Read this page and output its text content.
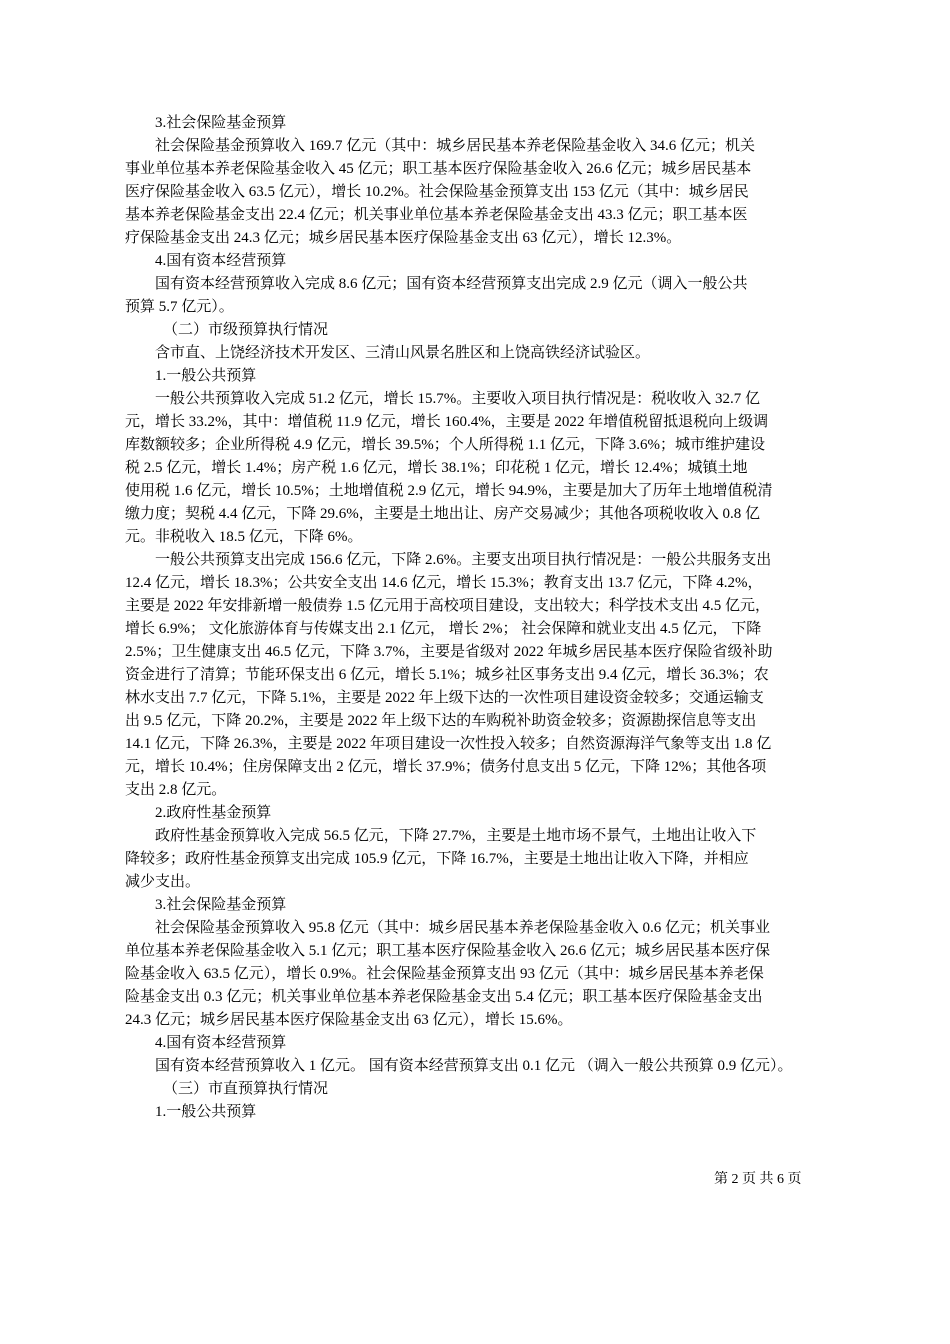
3.社会保险基金预算
社会保险基金预算收入 169.7 亿元（其中：城乡居民基本养老保险基金收入 34.6 亿元；机关
事业单位基本养老保险基金收入 45 亿元；职工基本医疗保险基金收入 26.6 亿元；城乡居民基本
医疗保险基金收入 63.5 亿元），增长 10.2%。社会保险基金预算支出 153 亿元（其中：城乡居民
基本养老保险基金支出 22.4 亿元；机关事业单位基本养老保险基金支出 43.3 亿元；职工基本医
疗保险基金支出 24.3 亿元；城乡居民基本医疗保险基金支出 63 亿元），增长 12.3%。
4.国有资本经营预算
国有资本经营预算收入完成 8.6 亿元；国有资本经营预算支出完成 2.9 亿元（调入一般公共
预算 5.7 亿元）。
（二）市级预算执行情况
含市直、上饶经济技术开发区、三清山风景名胜区和上饶高铁经济试验区。
1.一般公共预算
一般公共预算收入完成 51.2 亿元，增长 15.7%。主要收入项目执行情况是：税收收入 32.7 亿
元，增长 33.2%，其中：增值税 11.9 亿元，增长 160.4%，主要是 2022 年增值税留抵退税向上级调
库数额较多；企业所得税 4.9 亿元，增长 39.5%；个人所得税 1.1 亿元，下降 3.6%；城市维护建设
税 2.5 亿元，增长 1.4%；房产税 1.6 亿元，增长 38.1%；印花税 1 亿元，增长 12.4%；城镇土地
使用税 1.6 亿元，增长 10.5%；土地增值税 2.9 亿元，增长 94.9%，主要是加大了历年土地增值税清
缴力度；契税 4.4 亿元，下降 29.6%，主要是土地出让、房产交易减少；其他各项税收收入 0.8 亿
元。非税收入 18.5 亿元，下降 6%。
一般公共预算支出完成 156.6 亿元，下降 2.6%。主要支出项目执行情况是：一般公共服务支出
12.4 亿元，增长 18.3%；公共安全支出 14.6 亿元，增长 15.3%；教育支出 13.7 亿元，下降 4.2%，
主要是 2022 年安排新增一般债券 1.5 亿元用于高校项目建设，支出较大；科学技术支出 4.5 亿元，
增长 6.9%； 文化旅游体育与传媒支出 2.1 亿元， 增长 2%； 社会保障和就业支出 4.5 亿元， 下降
2.5%；卫生健康支出 46.5 亿元，下降 3.7%，主要是省级对 2022 年城乡居民基本医疗保险省级补助
资金进行了清算；节能环保支出 6 亿元，增长 5.1%；城乡社区事务支出 9.4 亿元，增长 36.3%；农
林水支出 7.7 亿元，下降 5.1%，主要是 2022 年上级下达的一次性项目建设资金较多；交通运输支
出 9.5 亿元，下降 20.2%，主要是 2022 年上级下达的车购税补助资金较多；资源勘探信息等支出
14.1 亿元，下降 26.3%，主要是 2022 年项目建设一次性投入较多；自然资源海洋气象等支出 1.8 亿
元，增长 10.4%；住房保障支出 2 亿元，增长 37.9%；债务付息支出 5 亿元，下降 12%；其他各项
支出 2.8 亿元。
2.政府性基金预算
政府性基金预算收入完成 56.5 亿元，下降 27.7%，主要是土地市场不景气，土地出让收入下
降较多；政府性基金预算支出完成 105.9 亿元，下降 16.7%，主要是土地出让收入下降，并相应
减少支出。
3.社会保险基金预算
社会保险基金预算收入 95.8 亿元（其中：城乡居民基本养老保险基金收入 0.6 亿元；机关事业
单位基本养老保险基金收入 5.1 亿元；职工基本医疗保险基金收入 26.6 亿元；城乡居民基本医疗保
险基金收入 63.5 亿元），增长 0.9%。社会保险基金预算支出 93 亿元（其中：城乡居民基本养老保
险基金支出 0.3 亿元；机关事业单位基本养老保险基金支出 5.4 亿元；职工基本医疗保险基金支出
24.3 亿元；城乡居民基本医疗保险基金支出 63 亿元），增长 15.6%。
4.国有资本经营预算
国有资本经营预算收入 1 亿元。 国有资本经营预算支出 0.1 亿元 （调入一般公共预算 0.9 亿元）。
（三）市直预算执行情况
1.一般公共预算
第 2 页 共 6 页
